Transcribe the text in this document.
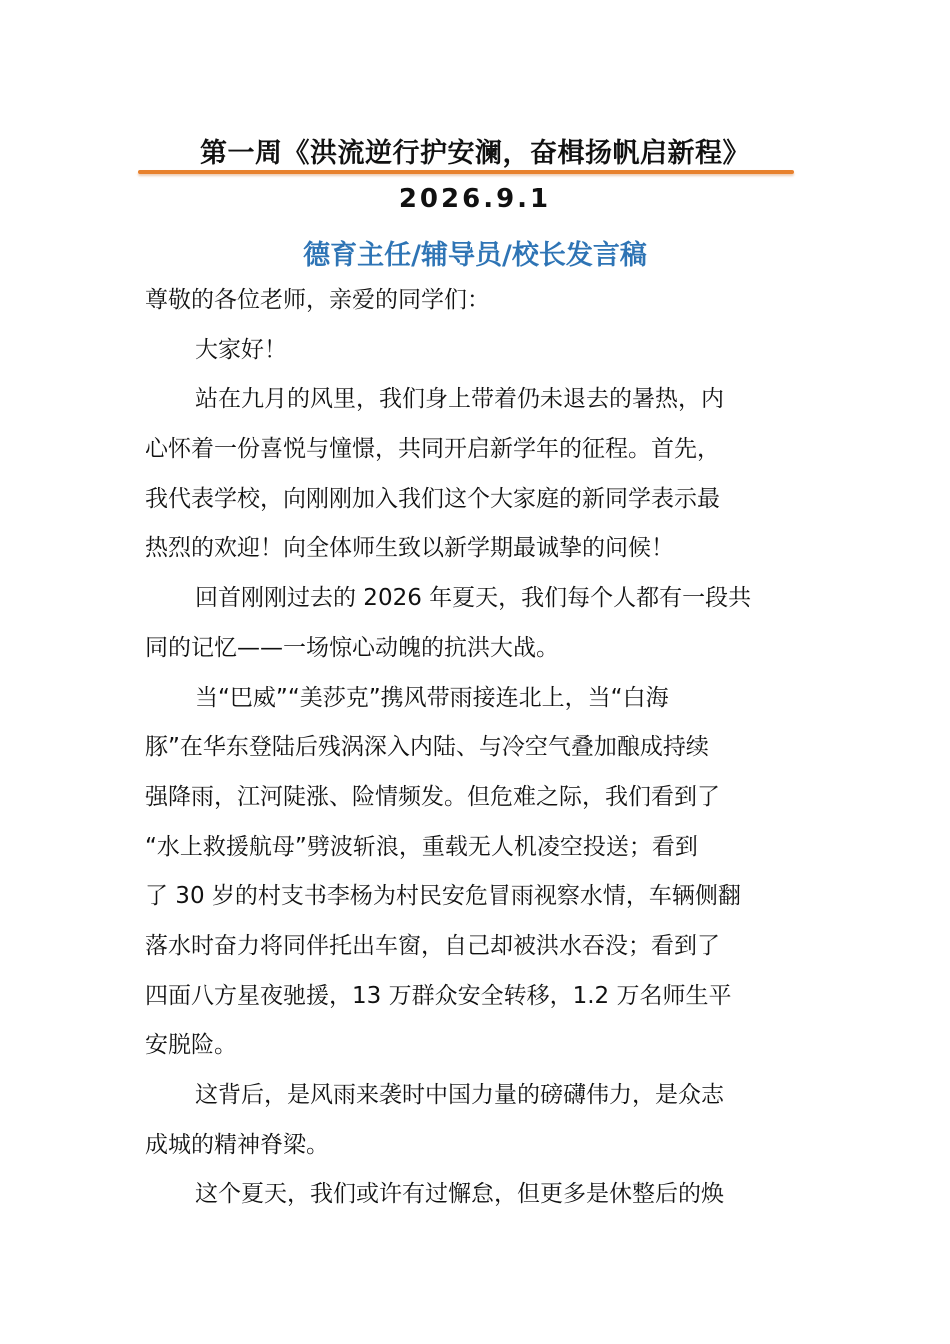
第一周《洪流逆行护安澜，奋楫扬帆启新程》
2026.9.1
德育主任/辅导员/校长发言稿
尊敬的各位老师，亲爱的同学们：
大家好！
站在九月的风里，我们身上带着仍未退去的暑热，内
心怀着一份喜悦与憧憬，共同开启新学年的征程。首先，
我代表学校，向刚刚加入我们这个大家庭的新同学表示最
热烈的欢迎！向全体师生致以新学期最诚挚的问候！
回首刚刚过去的 2026 年夏天，我们每个人都有一段共
同的记忆——一场惊心动魄的抗洪大战。
当“巴威”“美莎克”携风带雨接连北上，当“白海
豚”在华东登陆后残涡深入内陆、与冷空气叠加酿成持续
强降雨，江河陡涨、险情频发。但危难之际，我们看到了
“水上救援航母”劈波斩浪，重载无人机凌空投送；看到
了 30 岁的村支书李杨为村民安危冒雨视察水情，车辆侧翻
落水时奋力将同伴托出车窗，自己却被洪水吞没；看到了
四面八方星夜驰援，13 万群众安全转移，1.2 万名师生平
安脱险。
这背后，是风雨来袭时中国力量的磅礴伟力，是众志
成城的精神脊梁。
这个夏天，我们或许有过懈怠，但更多是休整后的焕
